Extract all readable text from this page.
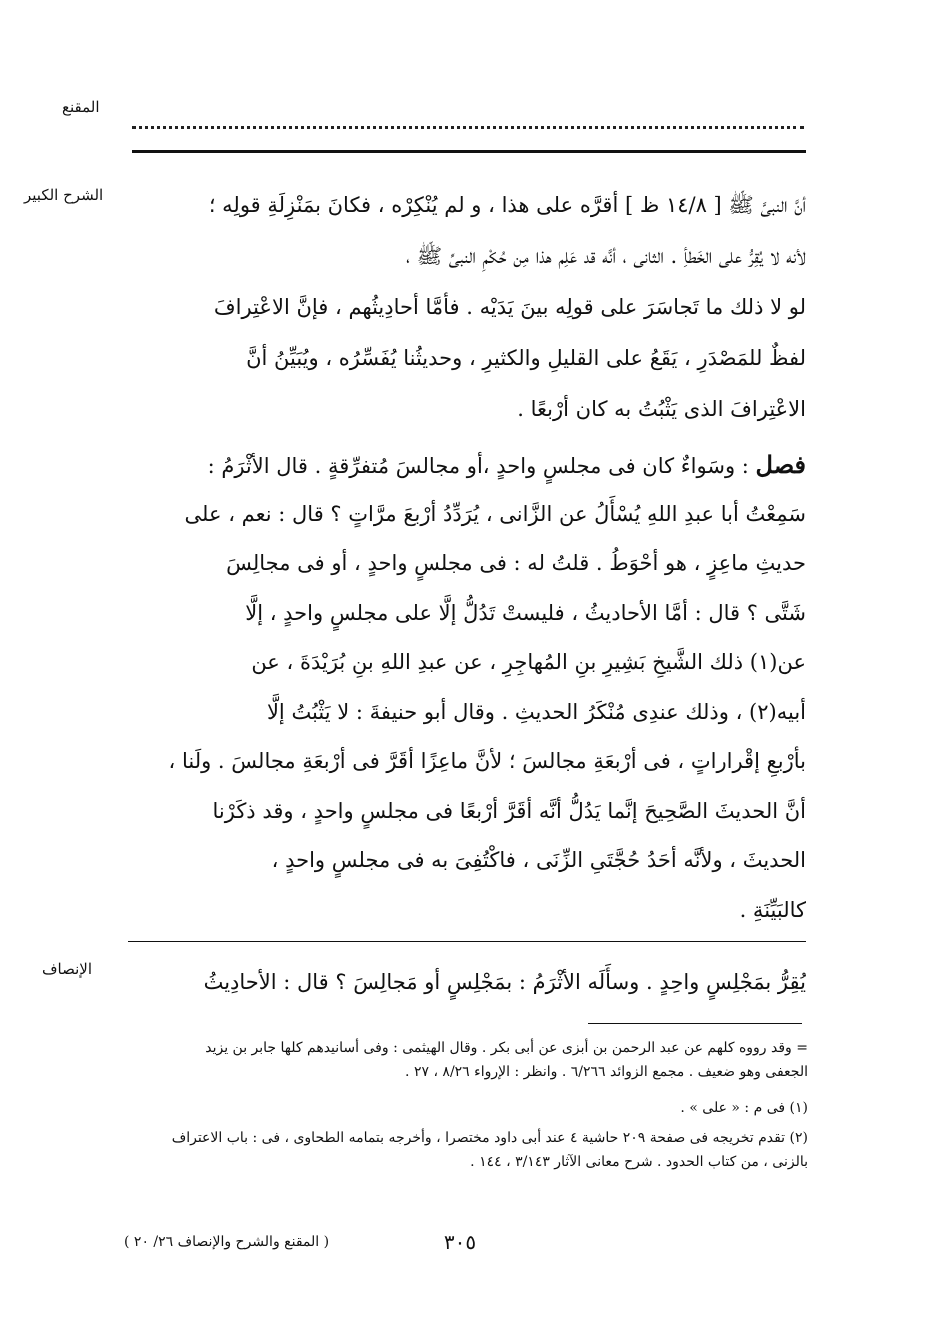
المقنع
الشرح الكبير	أنَّ النبىَّ ﷺ [ ١٤/٨ ظ ] أقرَّه على هذا ، و لم يُنْكِرْه ، فكانَ بمَنْزِلَةِ قولِه ؛
لأنه لا يُقِرُّ على الخَطأِ . الثانى ، أنَّه قد عَلِم هذا مِن حُكْمِ النبىِّ ﷺ ،
لو لا ذلك ما تَجاسَرَ على قولِه بينَ يَدَيْه . فأمَّا أحادِيثُهم ، فإنَّ الاعْتِرافَ
لفظٌ للمَصْدَرِ ، يَقَعُ على القليلِ والكثيرِ ، وحديثُنا يُفَسِّرُه ، ويُبَيِّنُ أنَّ
الاعْتِرافَ الذى يَثْبُتُ به كان أرْبعًا .
فصل : وسَواءٌ كان فى مجلسٍ واحدٍ ،أو مجالسَ مُتفرِّقةٍ . قال الأثْرَمُ :
سَمِعْتُ أبا عبدِ اللهِ يُسْأَلُ عن الزَّانى ، يُرَدِّدُ أرْبعَ مرَّاتٍ ؟ قال : نعم ، على
حديثِ ماعِزٍ ، هو أحْوَطُ . قلتُ له : فى مجلسٍ واحدٍ ، أو فى مجالِسَ
شَتَّى ؟ قال : أمَّا الأحاديثُ ، فليستْ تَدُلُّ إلَّا على مجلسٍ واحدٍ ، إلَّا
عن(١) ذلك الشَّيخِ بَشِيرِ بنِ المُهاجِرِ ، عن عبدِ اللهِ بنِ بُرَيْدَةَ ، عن
أبيه(٢) ، وذلك عندِى مُنْكَرُ الحديثِ . وقال أبو حنيفةَ : لا يَثْبُتُ إلَّا
بأرْبعِ إقْراراتٍ ، فى أرْبعَةِ مجالسَ ؛ لأنَّ ماعِزًا أقَرَّ فى أرْبعَةِ مجالسَ . ولَنا ،
أنَّ الحديثَ الصَّحِيحَ إنَّما يَدُلُّ أنَّه أقَرَّ أرْبعًا فى مجلسٍ واحدٍ ، وقد ذكَرْنا
الحديثَ ، ولأنَّه أحَدُ حُجَّتَىِ الزِّنَى ، فاكْتُفِىَ به فى مجلسٍ واحدٍ ،
كالبَيِّنَةِ .
الإنصاف
يُقِرُّ بمَجْلِسٍ واحِدٍ . وسأَلَه الأثْرَمُ : بمَجْلِسٍ أو مَجالِسَ ؟ قال : الأحادِيثُ
= وقد رووه كلهم عن عبد الرحمن بن أبزى عن أبى بكر . وقال الهيثمى : وفى أسانيدهم كلها جابر بن يزيد
الجعفى وهو ضعيف . مجمع الزوائد ٦/٢٦٦ . وانظر : الإرواء ٨/٢٦ ، ٢٧ .
(١) فى م : « على » .
(٢) تقدم تخريجه فى صفحة ٢٠٩ حاشية ٤ عند أبى داود مختصرا ، وأخرجه بتمامه الطحاوى ، فى : باب الاعتراف
بالزنى ، من كتاب الحدود . شرح معانى الآثار ٣/١٤٣ ، ١٤٤ .
٣٠٥
( المقنع والشرح والإنصاف ٢٦/ ٢٠ )
